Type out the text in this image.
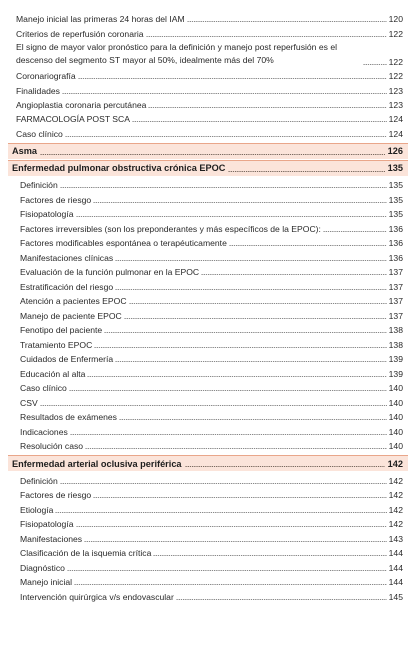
Manejo inicial las primeras 24 horas del IAM	120
Criterios de reperfusión coronaria	122
El signo de mayor valor pronóstico para la definición y manejo post reperfusión es el descenso del segmento ST mayor al 50%, idealmente más del 70%	122
Coronariografía	122
Finalidades	123
Angioplastia coronaria percutánea	123
FARMACOLOGÍA POST SCA	124
Caso clínico	124
Asma	126
Enfermedad pulmonar obstructiva crónica EPOC	135
Definición	135
Factores de riesgo	135
Fisiopatología	135
Factores irreversibles (son los preponderantes y más específicos de la EPOC):	136
Factores modificables espontánea o terapéuticamente	136
Manifestaciones clínicas	136
Evaluación de la función pulmonar en la EPOC	137
Estratificación del riesgo	137
Atención a pacientes EPOC	137
Manejo de paciente EPOC	137
Fenotipo del paciente	138
Tratamiento EPOC	138
Cuidados de Enfermería	139
Educación al alta	139
Caso clínico	140
CSV	140
Resultados de exámenes	140
Indicaciones	140
Resolución caso	140
Enfermedad arterial oclusiva periférica	142
Definición	142
Factores de riesgo	142
Etiología	142
Fisiopatología	142
Manifestaciones	143
Clasificación de la isquemia crítica	144
Diagnóstico	144
Manejo inicial	144
Intervención quirúrgica v/s endovascular	145
